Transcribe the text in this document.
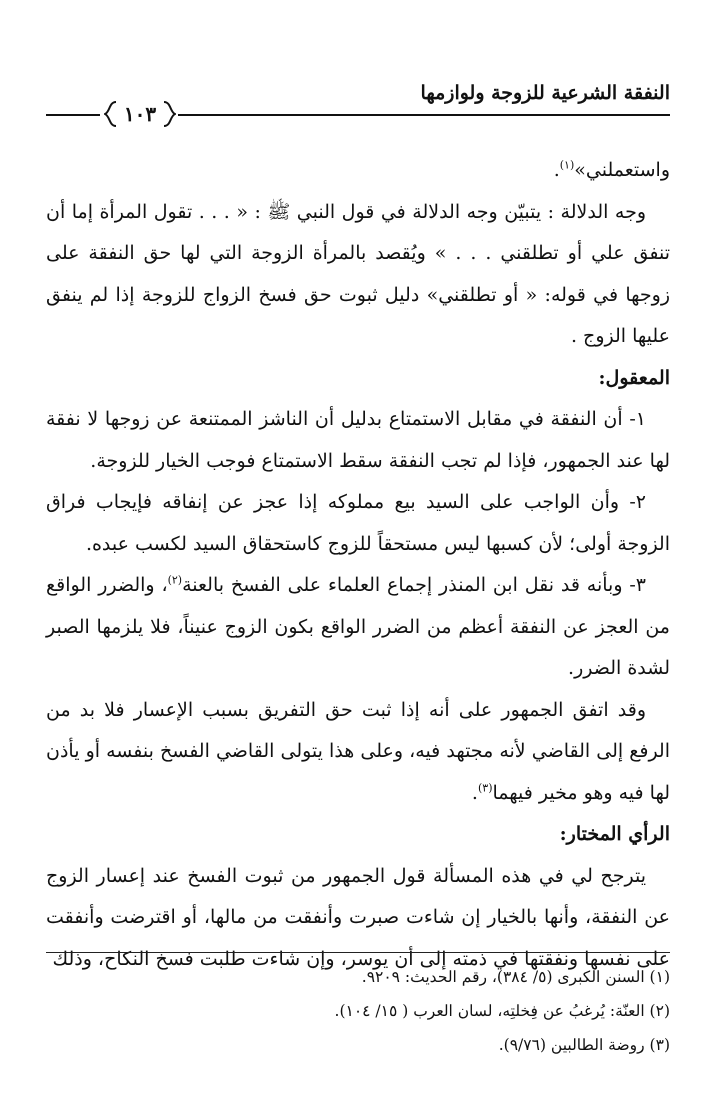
النفقة الشرعية للزوجة ولوازمها
١٠٣

واستعملني»$^{(١)}$.

وجه الدلالة : يتبيّن وجه الدلالة في قول النبي ﷺ : « . . . تقول المرأة إما أن تنفق علي أو تطلقني . . . » ويُقصد بالمرأة الزوجة التي لها حق النفقة على زوجها في قوله: « أو تطلقني» دليل ثبوت حق فسخ الزواج للزوجة إذا لم ينفق عليها الزوج .

المعقول:

١- أن النفقة في مقابل الاستمتاع بدليل أن الناشز الممتنعة عن زوجها لا نفقة لها عند الجمهور، فإذا لم تجب النفقة سقط الاستمتاع فوجب الخيار للزوجة.

٢- وأن الواجب على السيد بيع مملوكه إذا عجز عن إنفاقه فإيجاب فراق الزوجة أولى؛ لأن كسبها ليس مستحقاً للزوج كاستحقاق السيد لكسب عبده.

٣- وبأنه قد نقل ابن المنذر إجماع العلماء على الفسخ بالعنة$^{(٢)}$، والضرر الواقع من العجز عن النفقة أعظم من الضرر الواقع بكون الزوج عنيناً، فلا يلزمها الصبر لشدة الضرر.

وقد اتفق الجمهور على أنه إذا ثبت حق التفريق بسبب الإعسار فلا بد من الرفع إلى القاضي لأنه مجتهد فيه، وعلى هذا يتولى القاضي الفسخ بنفسه أو يأذن لها فيه وهو مخير فيهما$^{(٣)}$.

الرأي المختار:

يترجح لي في هذه المسألة قول الجمهور من ثبوت الفسخ عند إعسار الزوج عن النفقة، وأنها بالخيار إن شاءت صبرت وأنفقت من مالها، أو اقترضت وأنفقت على نفسها ونفقتها في ذمته إلى أن يوسر، وإن شاءت طلبت فسخ النكاح، وذلك

(١) السنن الكبرى (٥/ ٣٨٤)، رقم الحديث: ٩٢٠٩.

(٢) العنّة: يُرغبُ عن فِخلتِه، لسان العرب ( ١٥/ ١٠٤).

(٣) روضة الطالبين (٩/٧٦).
